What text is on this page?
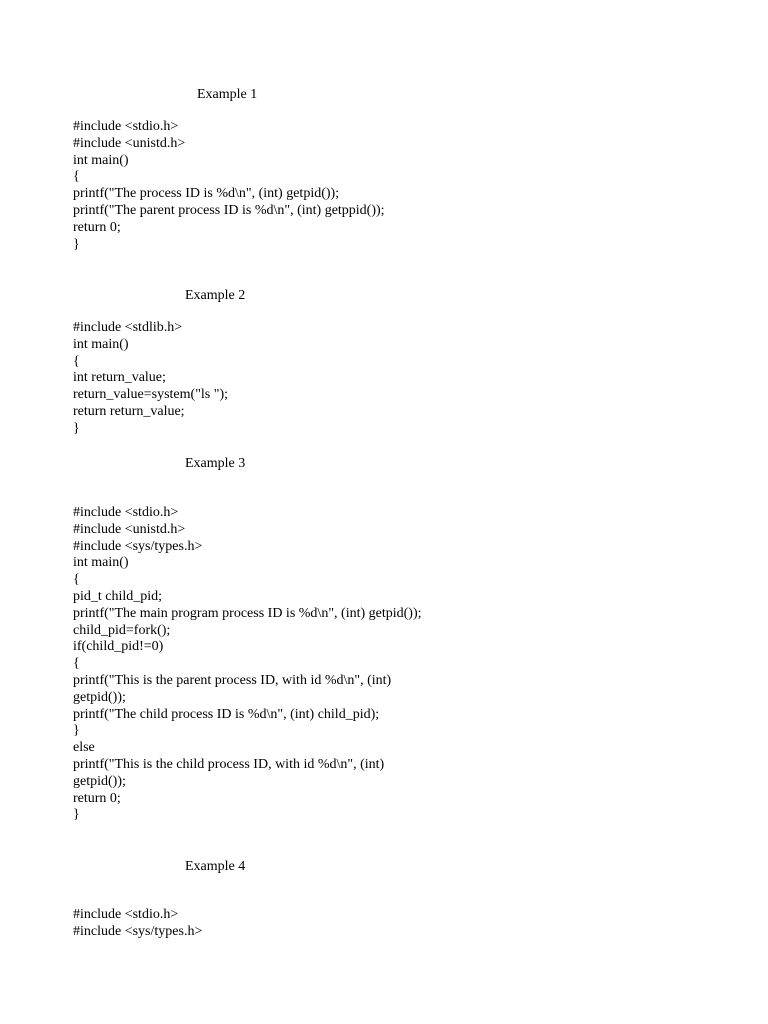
Example 1
#include <stdio.h>
#include <unistd.h>
int main()
{
printf("The process ID is %d\n", (int) getpid());
printf("The parent process ID is %d\n", (int) getppid());
return 0;
}
Example 2
#include <stdlib.h>
int main()
{
int return_value;
return_value=system("ls ");
return return_value;
}
Example 3
#include <stdio.h>
#include <unistd.h>
#include <sys/types.h>
int main()
{
pid_t child_pid;
printf("The main program process ID is %d\n", (int) getpid());
child_pid=fork();
if(child_pid!=0)
{
printf("This is the parent process ID, with id %d\n", (int)
getpid());
printf("The child process ID is %d\n", (int) child_pid);
}
else
printf("This is the child process ID, with id %d\n", (int)
getpid());
return 0;
}
Example 4
#include <stdio.h>
#include <sys/types.h>
